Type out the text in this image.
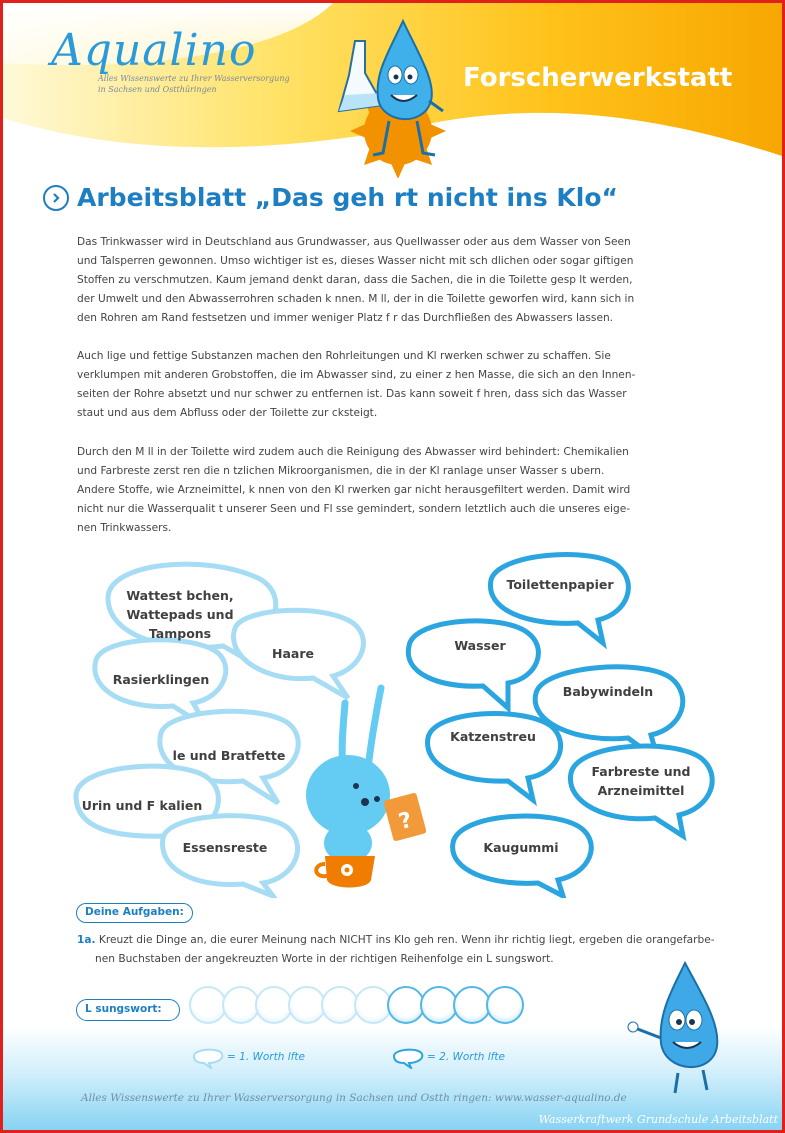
Aqualino
Alles Wissenswerte zu Ihrer Wasserversorgung
in Sachsen und Ostthüringen	Forscherwerkstatt
Arbeitsblatt „Das geh rt nicht ins Klo“
Das Trinkwasser wird in Deutschland aus Grundwasser, aus Quellwasser oder aus dem Wasser von Seen
und Talsperren gewonnen. Umso wichtiger ist es, dieses Wasser nicht mit sch dlichen oder sogar giftigen
Stoffen zu verschmutzen. Kaum jemand denkt daran, dass die Sachen, die in die Toilette gesp lt werden,
der Umwelt und den Abwasserrohren schaden k nnen. M ll, der in die Toilette geworfen wird, kann sich in
den Rohren am Rand festsetzen und immer weniger Platz f r das Durchfließen des Abwassers lassen.
Auch lige und fettige Substanzen machen den Rohrleitungen und Kl rwerken schwer zu schaffen. Sie
verklumpen mit anderen Grobstoffen, die im Abwasser sind, zu einer z hen Masse, die sich an den Innen-
seiten der Rohre absetzt und nur schwer zu entfernen ist. Das kann soweit f hren, dass sich das Wasser
staut und aus dem Abfluss oder der Toilette zur cksteigt.
Durch den M ll in der Toilette wird zudem auch die Reinigung des Abwasser wird behindert: Chemikalien
und Farbreste zerst ren die n tzlichen Mikroorganismen, die in der Kl ranlage unser Wasser s ubern.
Andere Stoffe, wie Arzneimittel, k nnen von den Kl rwerken gar nicht herausgefiltert werden. Damit wird
nicht nur die Wasserqualit t unserer Seen und Fl sse gemindert, sondern letztlich auch die unseres eige-
nen Trinkwassers.
?
Wattest bchen,
Wattepads und
Tampons
Haare
Rasierklingen
le und Bratfette
Urin und F kalien
Essensreste
Toilettenpapier
Wasser
Babywindeln
Katzenstreu
Farbreste und
Arzneimittel
Kaugummi
Deine Aufgaben:
1a. Kreuzt die Dinge an, die eurer Meinung nach NICHT ins Klo geh ren. Wenn ihr richtig liegt, ergeben die orangefarbe-
nen Buchstaben der angekreuzten Worte in der richtigen Reihenfolge ein L sungswort.
L sungswort:
= 1. Worth lfte	= 2. Worth lfte
Alles Wissenswerte zu Ihrer Wasserversorgung in Sachsen und Ostth ringen: www.wasser-aqualino.de
Wasserkraftwerk Grundschule Arbeitsblatt
